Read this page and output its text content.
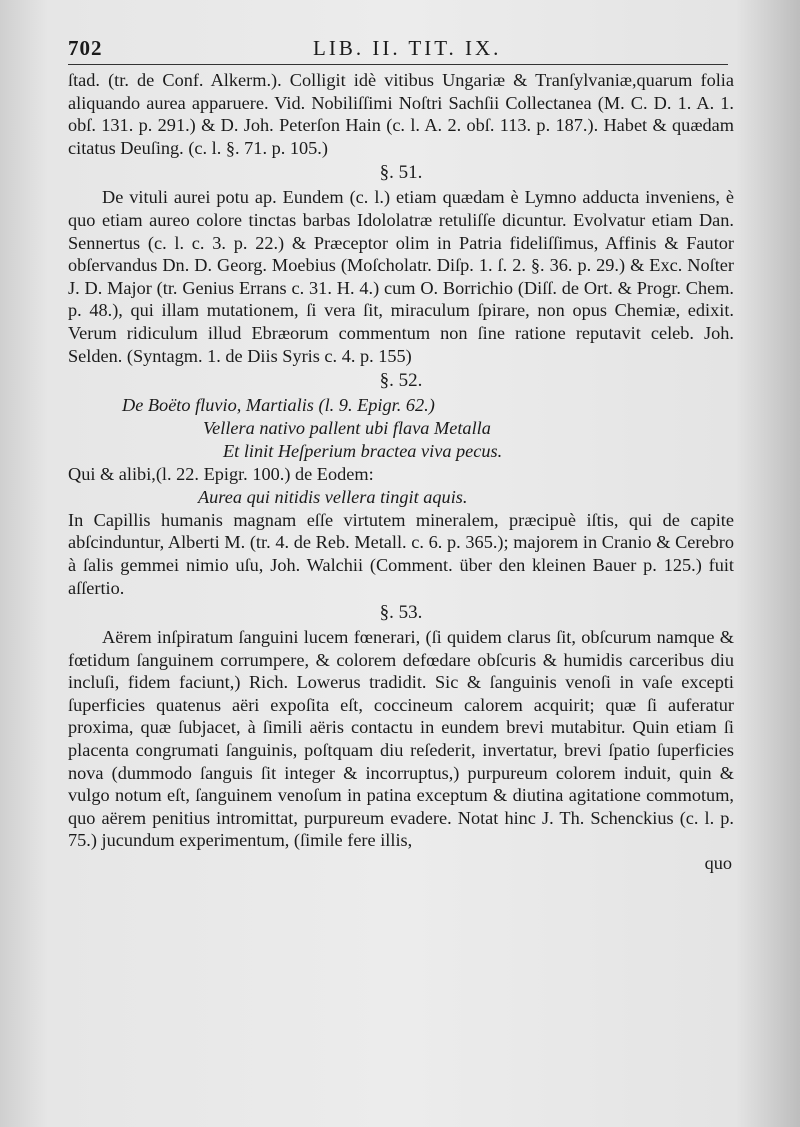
702	LIB. II. TIT. IX.

ſtad. (tr. de Conf. Alkerm.). Colligit idè vitibus Ungariæ & Tranſylvaniæ,quarum folia aliquando aurea apparuere. Vid. Nobiliſſimi Noſtri Sachſii Collectanea (M. C. D. 1. A. 1. obſ. 131. p. 291.) & D. Joh. Peterſon Hain (c. l. A. 2. obſ. 113. p. 187.). Habet & quædam citatus Deuſing. (c. l. §. 71. p. 105.)

§. 51.

De vituli aurei potu ap. Eundem (c. l.) etiam quædam è Lymno adducta inveniens, è quo etiam aureo colore tinctas barbas Idololatræ retuliſſe dicuntur. Evolvatur etiam Dan. Sennertus (c. l. c. 3. p. 22.) & Præceptor olim in Patria fideliſſimus, Affinis & Fautor obſervandus Dn. D. Georg. Moebius (Moſcholatr. Diſp. 1. ſ. 2. §. 36. p. 29.) & Exc. Noſter J. D. Major (tr. Genius Errans c. 31. H. 4.) cum O. Borrichio (Diſſ. de Ort. & Progr. Chem. p. 48.), qui illam mutationem, ſi vera ſit, miraculum ſpirare, non opus Chemiæ, edixit. Verum ridiculum illud Ebræorum commentum non ſine ratione reputavit celeb. Joh. Selden. (Syntagm. 1. de Diis Syris c. 4. p. 155)

§. 52.
De Boëto fluvio, Martialis (l. 9. Epigr. 62.)
Vellera nativo pallent ubi flava Metalla
Et linit Heſperium bractea viva pecus.

Qui & alibi,(l. 22. Epigr. 100.) de Eodem:

Aurea qui nitidis vellera tingit aquis.

In Capillis humanis magnam eſſe virtutem mineralem, præcipuè iſtis, qui de capite abſcinduntur, Alberti M. (tr. 4. de Reb. Metall. c. 6. p. 365.); majorem in Cranio & Cerebro à ſalis gemmei nimio uſu, Joh. Walchii (Comment. über den kleinen Bauer p. 125.) fuit aſſertio.

§. 53.

Aërem inſpiratum ſanguini lucem fœnerari, (ſi quidem clarus ſit, obſcurum namque & fœtidum ſanguinem corrumpere, & colorem defœdare obſcuris & humidis carceribus diu incluſi, fidem faciunt,) Rich. Lowerus tradidit. Sic & ſanguinis venoſi in vaſe excepti ſuperficies quatenus aëri expoſita eſt, coccineum calorem acquirit; quæ ſi auferatur proxima, quæ ſubjacet, à ſimili aëris contactu in eundem brevi mutabitur. Quin etiam ſi placenta congrumati ſanguinis, poſtquam diu reſederit, invertatur, brevi ſpatio ſuperficies nova (dummodo ſanguis ſit integer & incorruptus,) purpureum colorem induit, quin & vulgo notum eſt, ſanguinem venoſum in patina exceptum & diutina agitatione commotum, quo aërem penitius intromittat, purpureum evadere. Notat hinc J. Th. Schenckius (c. l. p. 75.) jucundum experimentum, (ſimile fere illis,

quo
